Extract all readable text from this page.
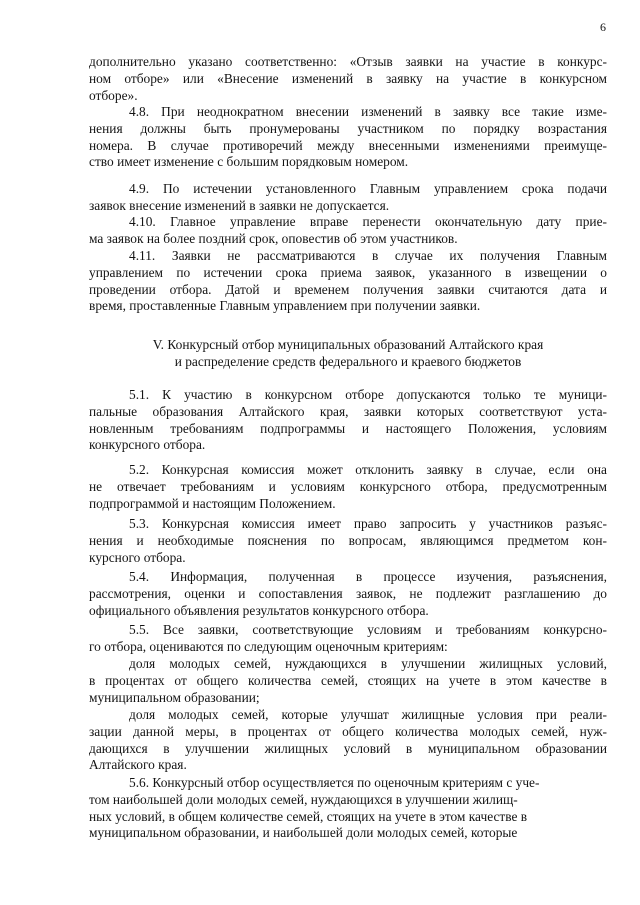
6
дополнительно указано соответственно: «Отзыв заявки на участие в конкурс-
ном отборе» или «Внесение изменений в заявку на участие в конкурсном
отборе».
4.8. При неоднократном внесении изменений в заявку все такие изме-
нения должны быть пронумерованы участником по порядку возрастания
номера. В случае противоречий между внесенными изменениями преимуще-
ство имеет изменение с большим порядковым номером.
4.9. По истечении установленного Главным управлением срока подачи
заявок внесение изменений в заявки не допускается.
4.10. Главное управление вправе перенести окончательную дату прие-
ма заявок на более поздний срок, оповестив об этом участников.
4.11. Заявки не рассматриваются в случае их получения Главным
управлением по истечении срока приема заявок, указанного в извещении о
проведении отбора. Датой и временем получения заявки считаются дата и
время, проставленные Главным управлением при получении заявки.
V. Конкурсный отбор муниципальных образований Алтайского края
и распределение средств федерального и краевого бюджетов
5.1. К участию в конкурсном отборе допускаются только те муници-
пальные образования Алтайского края, заявки которых соответствуют уста-
новленным требованиям подпрограммы и настоящего Положения, условиям
конкурсного отбора.
5.2. Конкурсная комиссия может отклонить заявку в случае, если она
не отвечает требованиям и условиям конкурсного отбора, предусмотренным
подпрограммой и настоящим Положением.
5.3. Конкурсная комиссия имеет право запросить у участников разъяс-
нения и необходимые пояснения по вопросам, являющимся предметом кон-
курсного отбора.
5.4. Информация, полученная в процессе изучения, разъяснения,
рассмотрения, оценки и сопоставления заявок, не подлежит разглашению до
официального объявления результатов конкурсного отбора.
5.5. Все заявки, соответствующие условиям и требованиям конкурсно-
го отбора, оцениваются по следующим оценочным критериям:
доля молодых семей, нуждающихся в улучшении жилищных условий,
в процентах от общего количества семей, стоящих на учете в этом качестве в
муниципальном образовании;
доля молодых семей, которые улучшат жилищные условия при реали-
зации данной меры, в процентах от общего количества молодых семей, нуж-
дающихся в улучшении жилищных условий в муниципальном образовании
Алтайского края.
5.6. Конкурсный отбор осуществляется по оценочным критериям с уче-
том наибольшей доли молодых семей, нуждающихся в улучшении жилищ-
ных условий, в общем количестве семей, стоящих на учете в этом качестве в
муниципальном образовании, и наибольшей доли молодых семей, которые
